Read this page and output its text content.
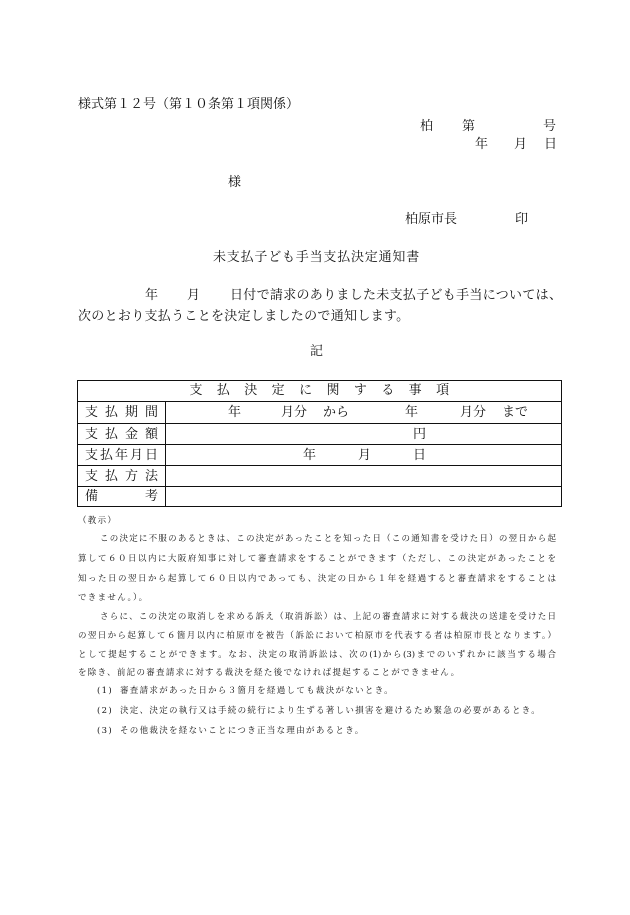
様式第１２号（第１０条第１項関係）
柏 第	号
年 月 日
様
柏原市長	印
未支払子ども手当支払決定通知書
年 月 日付で請求のありました未支払子ども手当については、
次のとおり支払うことを決定しましたので通知します。
記
支払決定に関する事項
支払期間	年	月分 から	年	月分 まで
支払金額	円
支払年月日	年	月	日
支払方法
備考
（教示）
この決定に不服のあるときは、この決定があったことを知った日（この通知書を受けた日）の翌日から起
算して６０日以内に大阪府知事に対して審査請求をすることができます（ただし、この決定があったことを
知った日の翌日から起算して６０日以内であっても、決定の日から１年を経過すると審査請求をすることは
できません。）。
さらに、この決定の取消しを求める訴え（取消訴訟）は、上記の審査請求に対する裁決の送達を受けた日
の翌日から起算して６箇月以内に柏原市を被告（訴訟において柏原市を代表する者は柏原市長となります。）
として提起することができます。なお、決定の取消訴訟は、次の(1)から(3)までのいずれかに該当する場合
を除き、前記の審査請求に対する裁決を経た後でなければ提起することができません。
(1) 審査請求があった日から３箇月を経過しても裁決がないとき。
(2) 決定、決定の執行又は手続の続行により生ずる著しい損害を避けるため緊急の必要があるとき。
(3) その他裁決を経ないことにつき正当な理由があるとき。
